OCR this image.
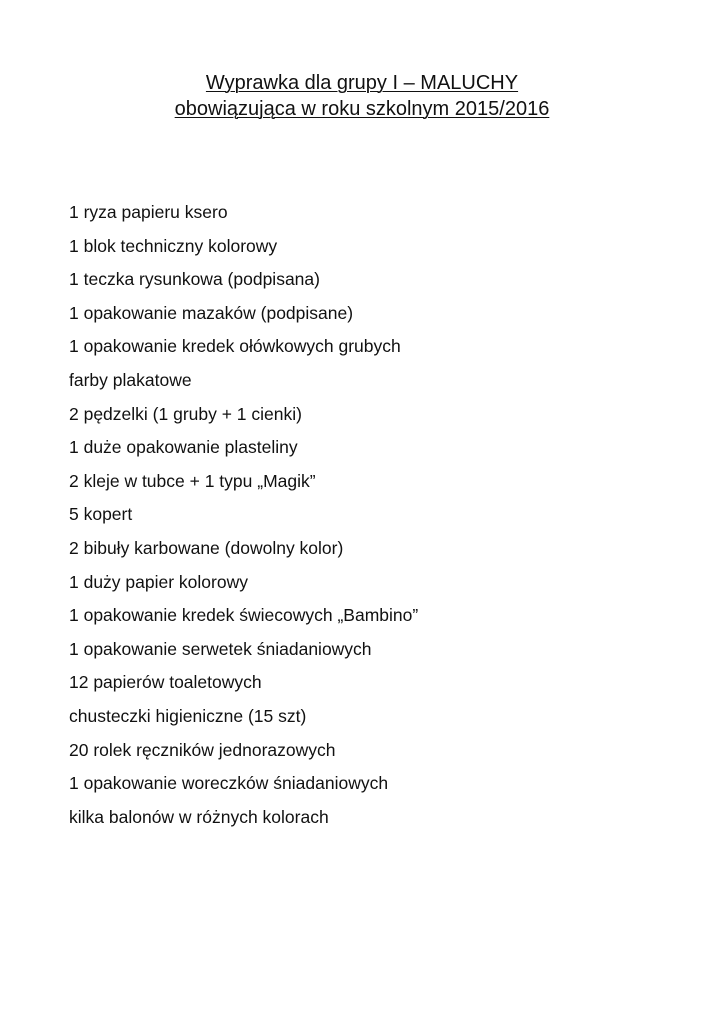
Wyprawka dla grupy I – MALUCHY
obowiązująca w roku szkolnym 2015/2016
1 ryza papieru ksero
1 blok techniczny kolorowy
1 teczka rysunkowa (podpisana)
1 opakowanie mazaków (podpisane)
1 opakowanie kredek ołówkowych grubych
farby plakatowe
2 pędzelki (1 gruby + 1 cienki)
1 duże opakowanie plasteliny
2 kleje w tubce + 1 typu „Magik”
5 kopert
2 bibuły karbowane (dowolny kolor)
1 duży papier kolorowy
1 opakowanie kredek świecowych „Bambino”
1 opakowanie serwetek śniadaniowych
12 papierów toaletowych
chusteczki higieniczne (15 szt)
20 rolek ręczników jednorazowych
1 opakowanie woreczków śniadaniowych
kilka balonów w różnych kolorach
